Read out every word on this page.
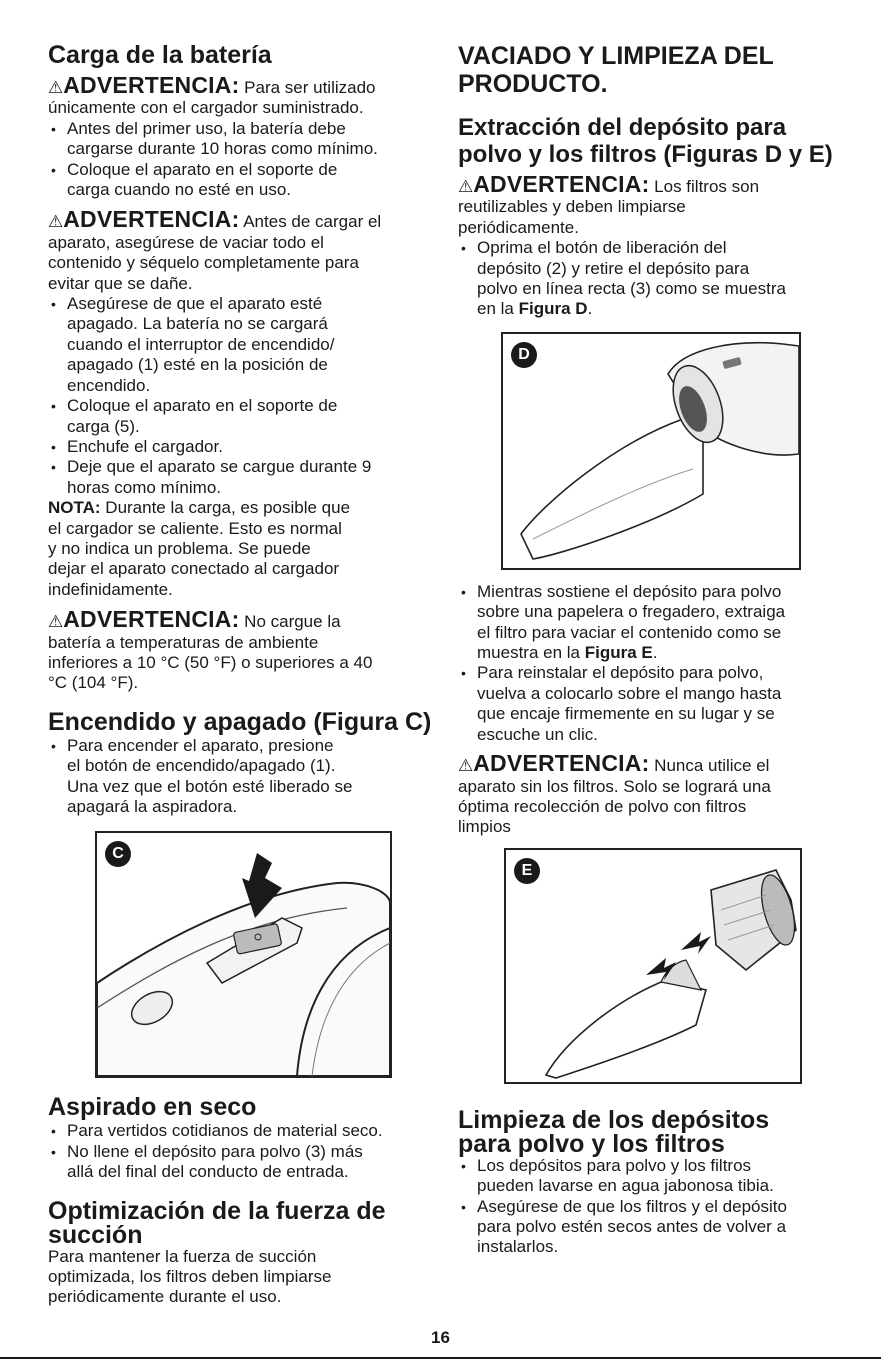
Carga de la batería
⚠ADVERTENCIA: Para ser utilizado

únicamente con el cargador suministrado.

• Antes del primer uso, la batería debe
cargarse durante 10 horas como mínimo.
• Coloque el aparato en el soporte de
carga cuando no esté en uso.
⚠ADVERTENCIA: Antes de cargar el

aparato, asegúrese de vaciar todo el
contenido y séquelo completamente para
evitar que se dañe.

• Asegúrese de que el aparato esté
apagado. La batería no se cargará
cuando el interruptor de encendido/
apagado (1) esté en la posición de
encendido.
• Coloque el aparato en el soporte de
carga (5).
• Enchufe el cargador.
• Deje que el aparato se cargue durante 9
horas como mínimo.

NOTA: Durante la carga, es posible que
el cargador se caliente. Esto es normal
y no indica un problema. Se puede
dejar el aparato conectado al cargador
indefinidamente.

⚠ADVERTENCIA: No cargue la

batería a temperaturas de ambiente
inferiores a 10 °C (50 °F) o superiores a 40
°C (104 °F).

Encendido y apagado (Figura C)
• Para encender el aparato, presione
el botón de encendido/apagado (1).
Una vez que el botón esté liberado se
apagará la aspiradora.
C
Aspirado en seco
• Para vertidos cotidianos de material seco.
• No llene el depósito para polvo (3) más
allá del final del conducto de entrada.
Optimización de la fuerza de
succión

Para mantener la fuerza de succión
optimizada, los filtros deben limpiarse
periódicamente durante el uso.

VACIADO Y LIMPIEZA DEL
PRODUCTO.
Extracción del depósito para
polvo y los filtros (Figuras D y E)
⚠ADVERTENCIA: Los filtros son

reutilizables y deben limpiarse
periódicamente.

• Oprima el botón de liberación del
depósito (2) y retire el depósito para
polvo en línea recta (3) como se muestra
en la Figura D.
D
• Mientras sostiene el depósito para polvo
sobre una papelera o fregadero, extraiga
el filtro para vaciar el contenido como se
muestra en la Figura E.
• Para reinstalar el depósito para polvo,
vuelva a colocarlo sobre el mango hasta
que encaje firmemente en su lugar y se
escuche un clic.
⚠ADVERTENCIA: Nunca utilice el

aparato sin los filtros. Solo se logrará una
óptima recolección de polvo con filtros
limpios

E
Limpieza de los depósitos
para polvo y los filtros
• Los depósitos para polvo y los filtros
pueden lavarse en agua jabonosa tibia.
• Asegúrese de que los filtros y el depósito
para polvo estén secos antes de volver a
instalarlos.
16
